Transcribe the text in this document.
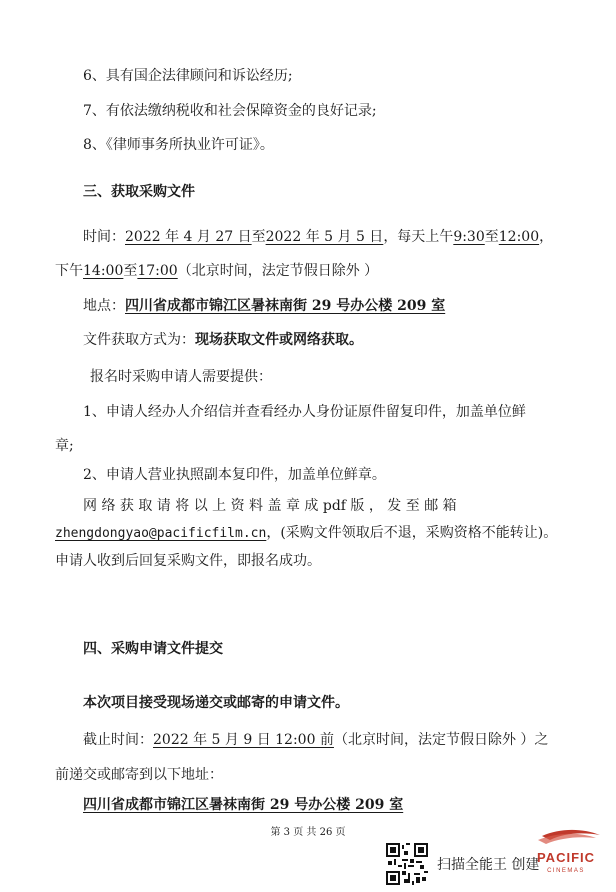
6、具有国企法律顾问和诉讼经历;
7、有依法缴纳税收和社会保障资金的良好记录;
8、《律师事务所执业许可证》。
三、获取采购文件
时间：2022 年 4 月 27 日至2022 年 5 月 5 日，每天上午9:30至12:00，
下午14:00至17:00（北京时间，法定节假日除外 ）
地点：四川省成都市锦江区暑袜南街 29 号办公楼 209 室
文件获取方式为：现场获取文件或网络获取。
报名时采购申请人需要提供：
1、申请人经办人介绍信并查看经办人身份证原件留复印件，加盖单位鲜
章;
2、申请人营业执照副本复印件，加盖单位鲜章。
网 络 获 取 请 将 以 上 资 料 盖 章 成 pdf 版 ， 发 至 邮 箱
zhengdongyao@pacificfilm.cn，(采购文件领取后不退，采购资格不能转让)。
申请人收到后回复采购文件，即报名成功。
四、采购申请文件提交
本次项目接受现场递交或邮寄的申请文件。
截止时间：2022 年 5 月 9 日 12:00 前（北京时间，法定节假日除外 ）之
前递交或邮寄到以下地址：
四川省成都市锦江区暑袜南街 29 号办公楼 209 室
第 3 页 共 26 页
扫描全能王 创建
PACIFIC
CINEMAS
